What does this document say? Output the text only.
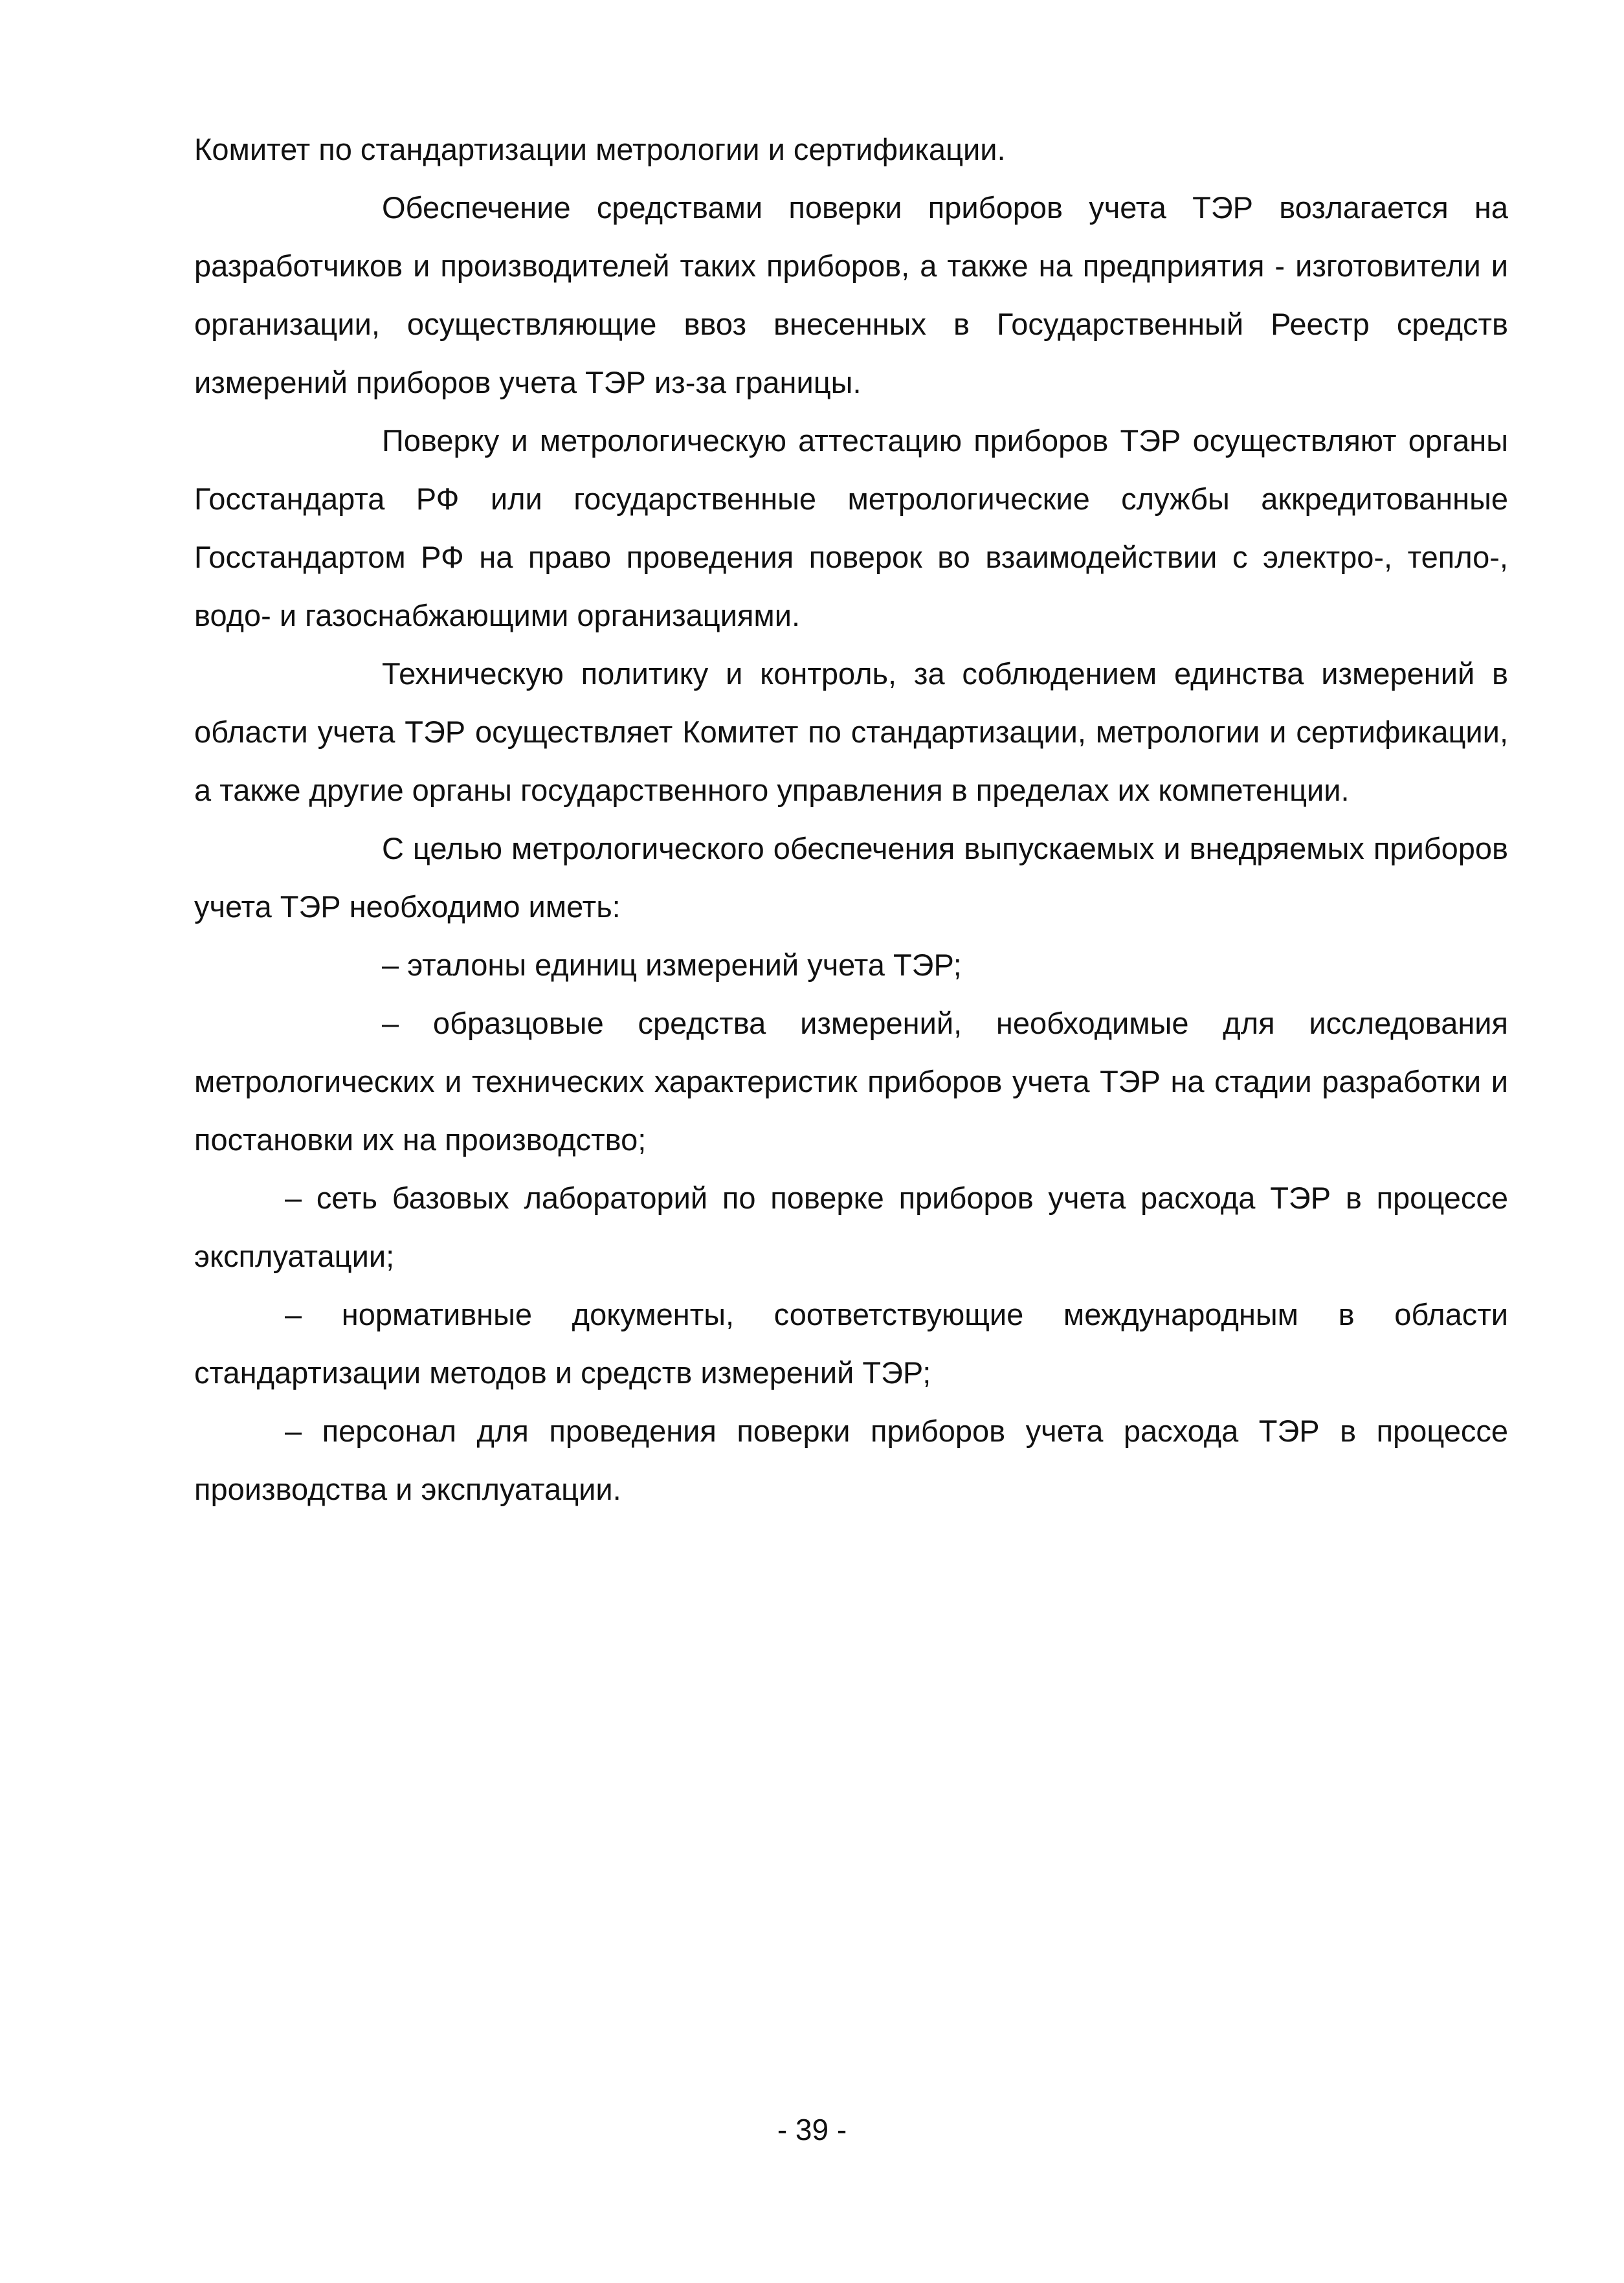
Комитет по стандартизации метрологии и сертификации.

Обеспечение средствами поверки приборов учета ТЭР возлагается на разработчиков и производителей таких приборов, а также на предприятия - изготовители и организации, осуществляющие ввоз внесенных в Государственный Реестр средств измерений приборов учета ТЭР из-за границы.

Поверку и метрологическую аттестацию приборов ТЭР осуществляют органы Госстандарта РФ или государственные метрологические службы аккредитованные Госстандартом РФ на право проведения поверок во взаимодействии с электро-, тепло-, водо- и газоснабжающими организациями.

Техническую политику и контроль, за соблюдением единства измерений в области учета ТЭР осуществляет Комитет по стандартизации, метрологии и сертификации, а также другие органы государственного управления в пределах их компетенции.

С целью метрологического обеспечения выпускаемых и внедряемых приборов учета ТЭР необходимо иметь:

– эталоны единиц измерений учета ТЭР;

– образцовые средства измерений, необходимые для исследования метрологических и технических характеристик приборов учета ТЭР на стадии разработки и постановки их на производство;

– сеть базовых лабораторий по поверке приборов учета расхода ТЭР в процессе эксплуатации;

– нормативные документы, соответствующие международным в области стандартизации методов и средств измерений ТЭР;

– персонал для проведения поверки приборов учета расхода ТЭР в процессе производства и эксплуатации.

- 39 -
